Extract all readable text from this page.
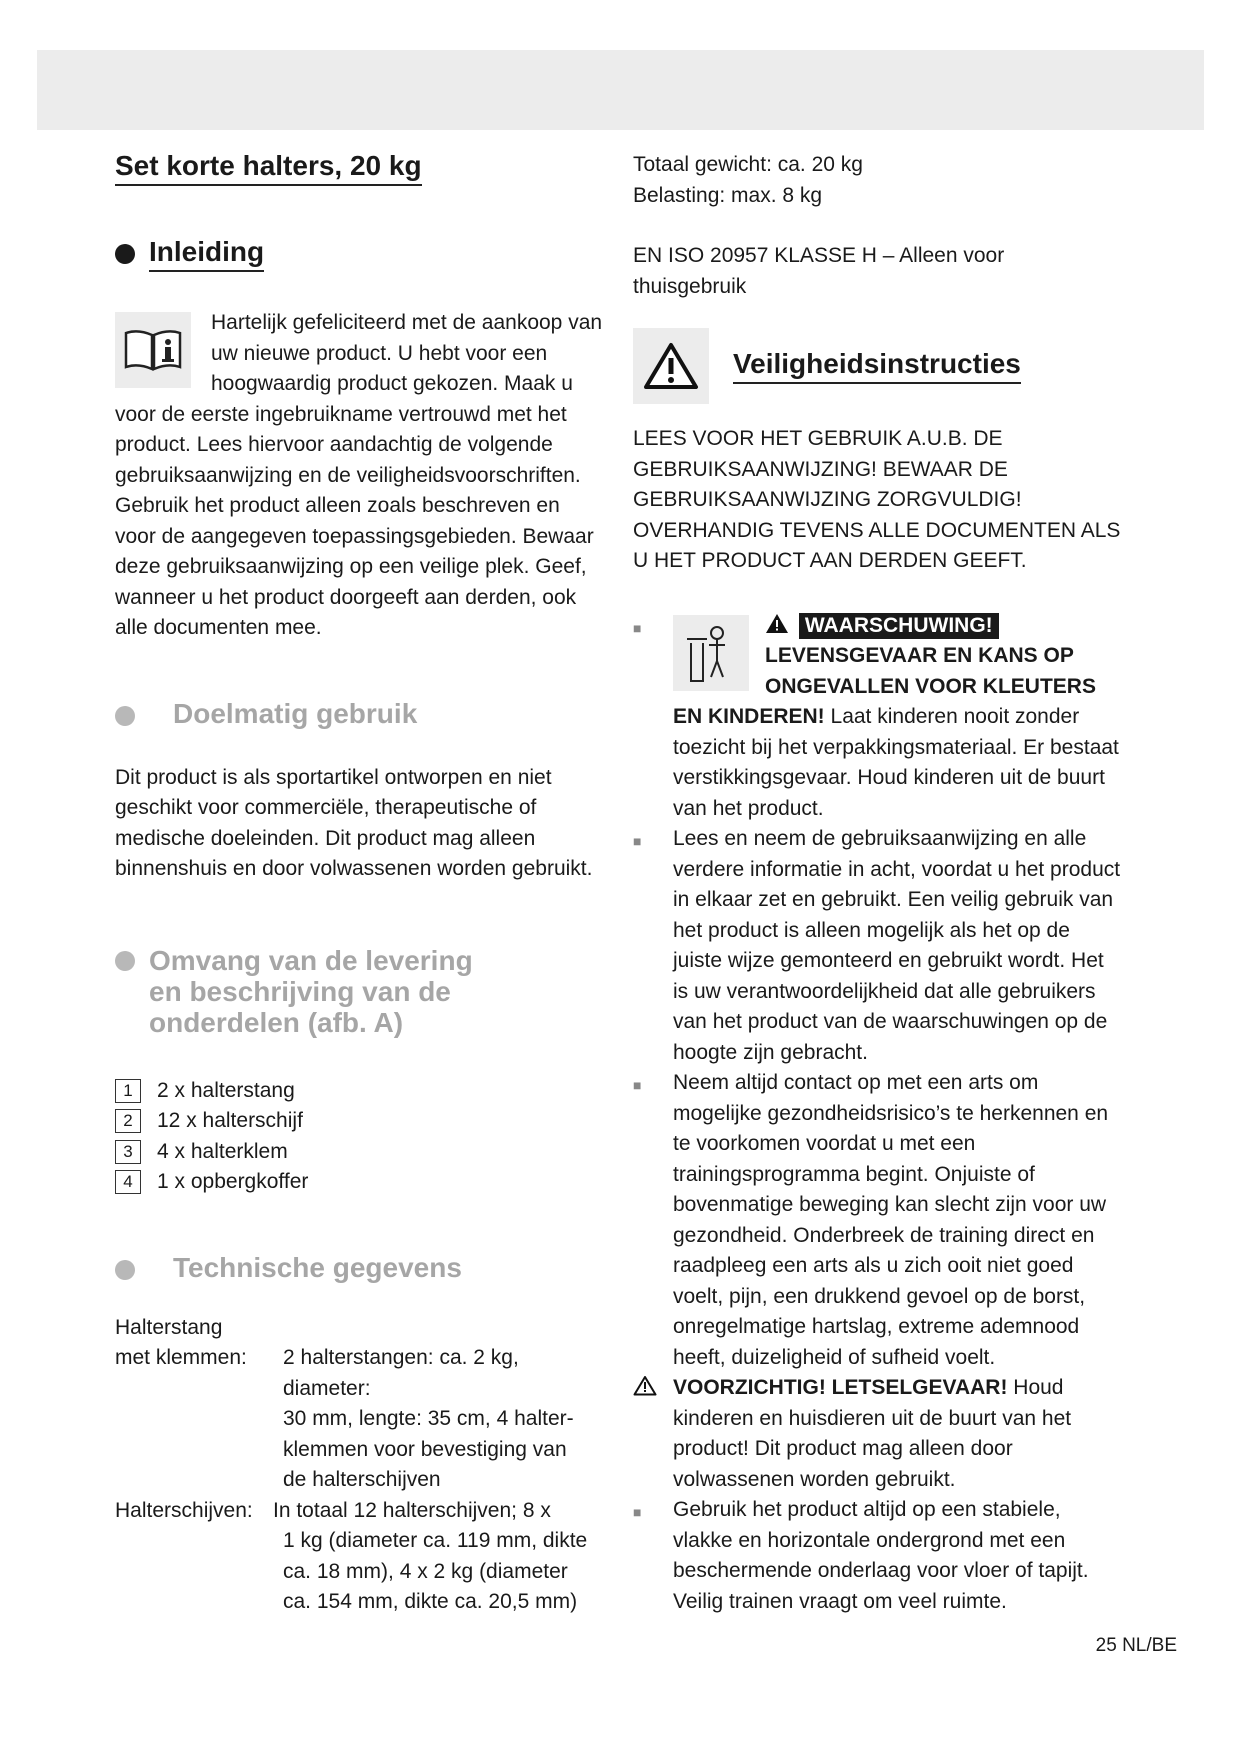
Set korte halters, 20 kg
Inleiding

Hartelijk gefeliciteerd met de aankoop van uw nieuwe product. U hebt voor een hoogwaardig product gekozen. Maak u voor de eerste ingebruikname vertrouwd met het product. Lees hiervoor aandachtig de volgende gebruiksaanwijzing en de veiligheidsvoorschriften. Gebruik het product alleen zoals beschreven en voor de aangegeven toepassingsgebieden. Bewaar deze gebruiksaanwijzing op een veilige plek. Geef, wanneer u het product doorgeeft aan derden, ook alle documenten mee.

Doelmatig gebruik

Dit product is als sportartikel ontworpen en niet geschikt voor commerciële, therapeutische of medische doeleinden. Dit product mag alleen binnenshuis en door volwassenen worden gebruikt.

Omvang van de levering
en beschrijving van de
onderdelen (afb. A)
1	2 x halterstang
2	12 x halterschijf
3	4 x halterklem
4	1 x opbergkoffer
Technische gegevens
Halterstang
met klemmen:	2 halterstangen: ca. 2 kg, diameter:
30 mm, lengte: 35 cm, 4 halter-
klemmen voor bevestiging van
de halterschijven
Halterschijven: In totaal 12 halterschijven; 8 x
1 kg (diameter ca. 119 mm, dikte
ca. 18 mm), 4 x 2 kg (diameter
ca. 154 mm, dikte ca. 20,5 mm)

Totaal gewicht: ca. 20 kg

Belasting: max. 8 kg

EN ISO 20957 KLASSE H – Alleen voor thuisgebruik

Veiligheidsinstructies

LEES VOOR HET GEBRUIK A.U.B. DE GEBRUIKSAANWIJZING! BEWAAR DE GEBRUIKSAANWIJZING ZORGVULDIG! OVERHANDIG TEVENS ALLE DOCUMENTEN ALS U HET PRODUCT AAN DERDEN GEEFT.

■	WAARSCHUWING!
LEVENSGEVAAR EN KANS OP ONGEVALLEN VOOR KLEUTERS EN KINDEREN! Laat kinderen nooit zonder toezicht bij het verpakkingsmateriaal. Er bestaat verstikkingsgevaar. Houd kinderen uit de buurt van het product.
■	Lees en neem de gebruiksaanwijzing en alle verdere informatie in acht, voordat u het product in elkaar zet en gebruikt. Een veilig gebruik van het product is alleen mogelijk als het op de juiste wijze gemonteerd en gebruikt wordt. Het is uw verantwoordelijkheid dat alle gebruikers van het product van de waarschuwingen op de hoogte zijn gebracht.
■	Neem altijd contact op met een arts om mogelijke gezondheidsrisico’s te herkennen en te voorkomen voordat u met een trainingsprogramma begint. Onjuiste of bovenmatige beweging kan slecht zijn voor uw gezondheid. Onderbreek de training direct en raadpleeg een arts als u zich ooit niet goed voelt, pijn, een drukkend gevoel op de borst, onregelmatige hartslag, extreme ademnood heeft, duizeligheid of sufheid voelt.
VOORZICHTIG! LETSELGEVAAR! Houd kinderen en huisdieren uit de buurt van het product! Dit product mag alleen door volwassenen worden gebruikt.
■	Gebruik het product altijd op een stabiele, vlakke en horizontale ondergrond met een beschermende onderlaag voor vloer of tapijt. Veilig trainen vraagt om veel ruimte.
25 NL/BE
